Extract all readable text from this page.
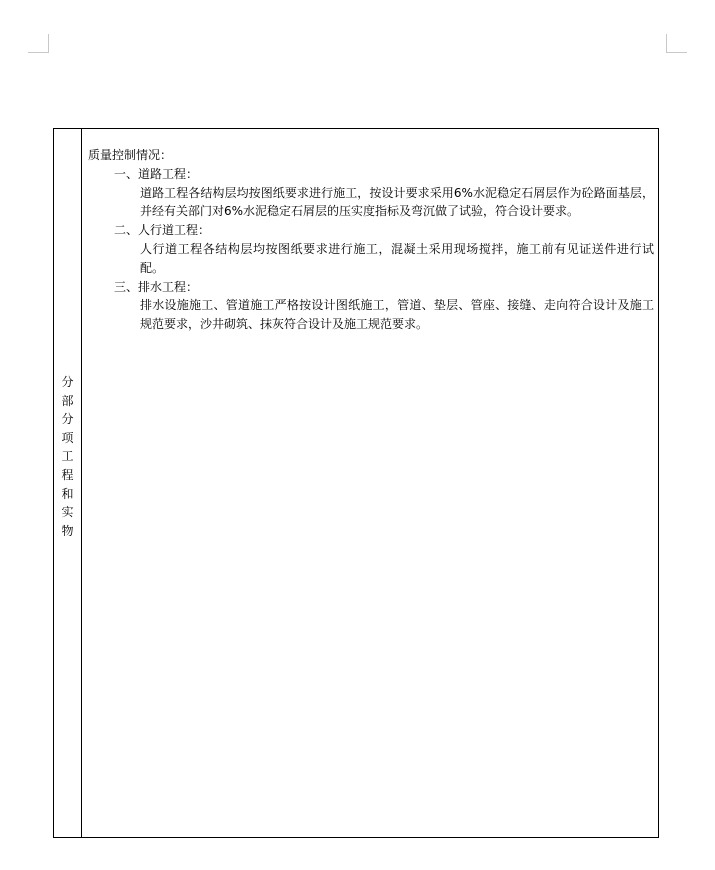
分
部
分
项
工
程
和
实
物

质量控制情况：

一、道路工程：

道路工程各结构层均按图纸要求进行施工，按设计要求采用6%水泥稳定石屑层作为砼路面基层，并经有关部门对6%水泥稳定石屑层的压实度指标及弯沉做了试验，符合设计要求。

二、人行道工程：

人行道工程各结构层均按图纸要求进行施工，混凝土采用现场搅拌，施工前有见证送件进行试配。

三、排水工程：

排水设施施工、管道施工严格按设计图纸施工，管道、垫层、管座、接缝、走向符合设计及施工规范要求，沙井砌筑、抹灰符合设计及施工规范要求。
